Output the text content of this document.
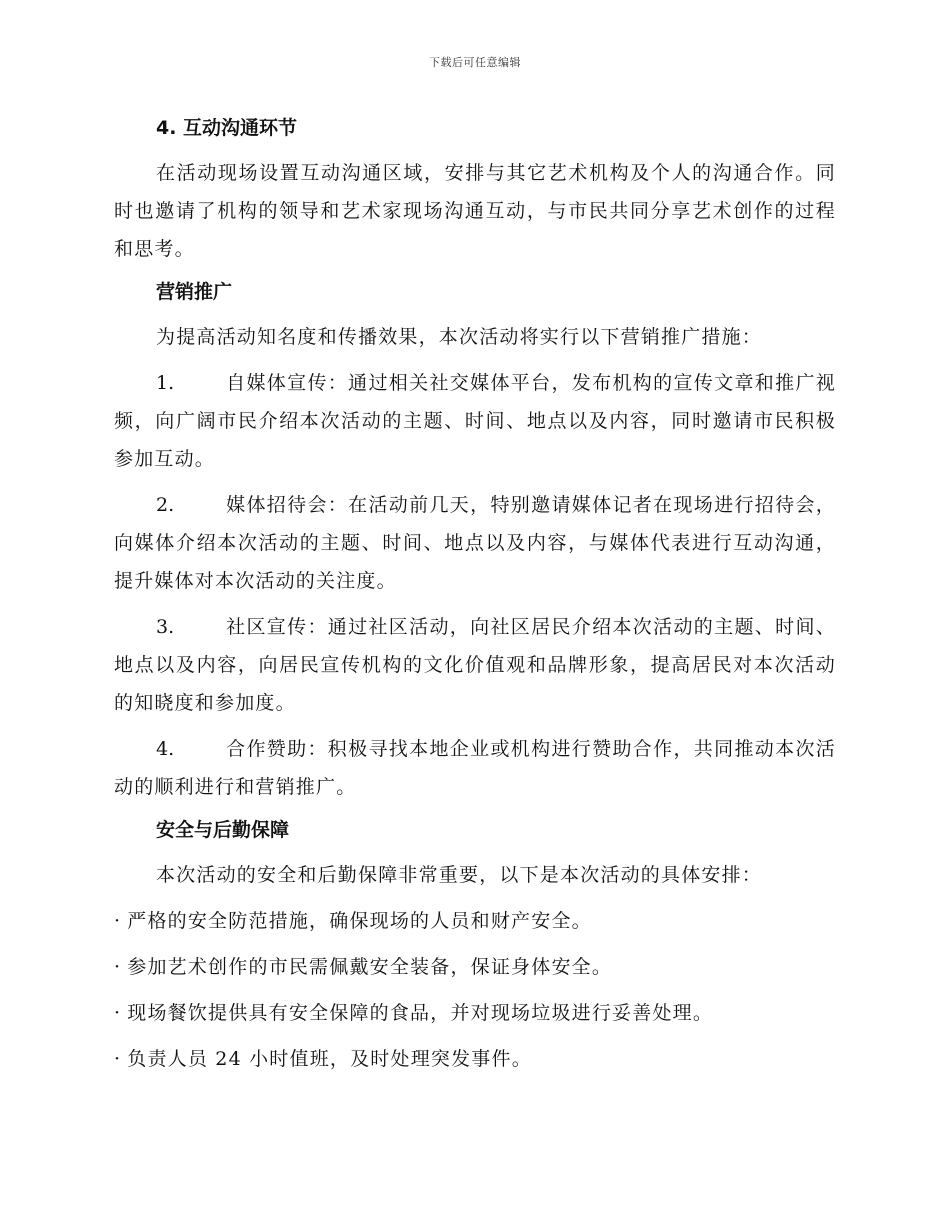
下载后可任意编辑
4. 互动沟通环节

在活动现场设置互动沟通区域，安排与其它艺术机构及个人的沟通合作。同时也邀请了机构的领导和艺术家现场沟通互动，与市民共同分享艺术创作的过程和思考。

营销推广

为提高活动知名度和传播效果，本次活动将实行以下营销推广措施：

1.	自媒体宣传：通过相关社交媒体平台，发布机构的宣传文章和推广视频，向广阔市民介绍本次活动的主题、时间、地点以及内容，同时邀请市民积极参加互动。

2.	媒体招待会：在活动前几天，特别邀请媒体记者在现场进行招待会，向媒体介绍本次活动的主题、时间、地点以及内容，与媒体代表进行互动沟通，提升媒体对本次活动的关注度。

3.	社区宣传：通过社区活动，向社区居民介绍本次活动的主题、时间、地点以及内容，向居民宣传机构的文化价值观和品牌形象，提高居民对本次活动的知晓度和参加度。

4.	合作赞助：积极寻找本地企业或机构进行赞助合作，共同推动本次活动的顺利进行和营销推广。

安全与后勤保障

本次活动的安全和后勤保障非常重要，以下是本次活动的具体安排：

· 严格的安全防范措施，确保现场的人员和财产安全。

· 参加艺术创作的市民需佩戴安全装备，保证身体安全。

· 现场餐饮提供具有安全保障的食品，并对现场垃圾进行妥善处理。

· 负责人员 24 小时值班，及时处理突发事件。
